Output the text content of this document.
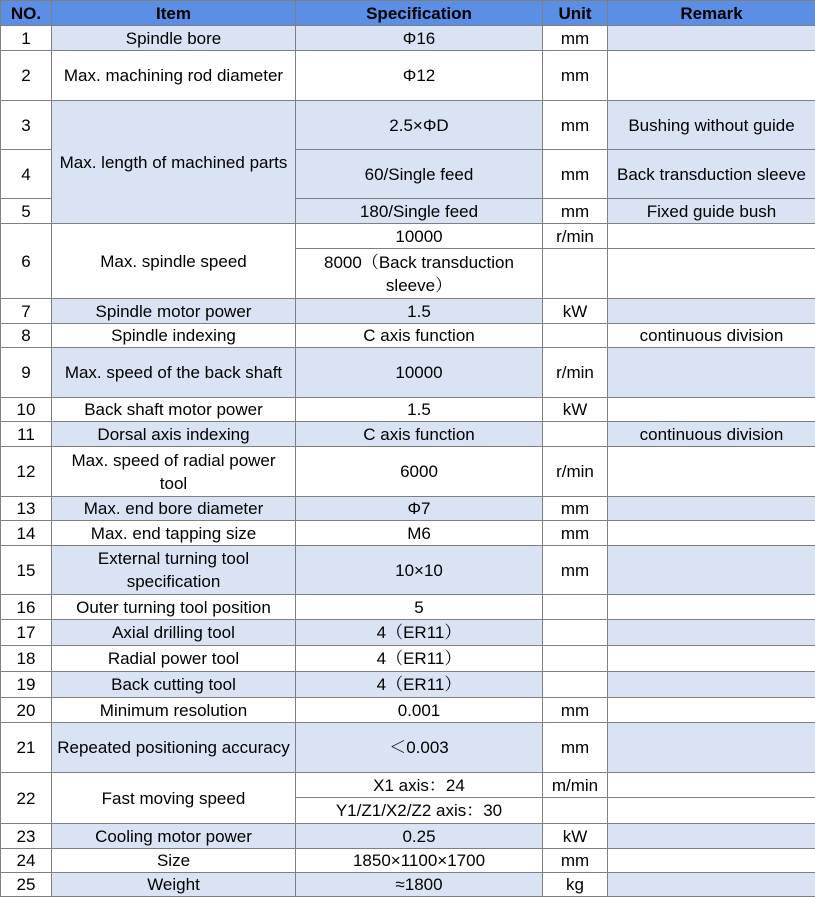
NO.	Item	Specification	Unit	Remark
1	Spindle bore	Φ16	mm	
2	Max. machining rod diameter	Φ12	mm	
3	Max. length of machined parts	2.5×ΦD	mm	Bushing without guide
4		60/Single feed	mm	Back transduction sleeve
5		180/Single feed	mm	Fixed guide bush
6	Max. spindle speed	10000	r/min	
		8000（Back transduction sleeve）		
7	Spindle motor power	1.5	kW	
8	Spindle indexing	C axis function		continuous division
9	Max. speed of the back shaft	10000	r/min	
10	Back shaft motor power	1.5	kW	
11	Dorsal axis indexing	C axis function		continuous division
12	Max. speed of radial power tool	6000	r/min	
13	Max. end bore diameter	Φ7	mm	
14	Max. end tapping size	M6	mm	
15	External turning tool specification	10×10	mm	
16	Outer turning tool position	5		
17	Axial drilling tool	4（ER11）		
18	Radial power tool	4（ER11）		
19	Back cutting tool	4（ER11）		
20	Minimum resolution	0.001	mm	
21	Repeated positioning accuracy	＜0.003	mm	
22	Fast moving speed	X1 axis：24	m/min	
		Y1/Z1/X2/Z2 axis：30		
23	Cooling motor power	0.25	kW	
24	Size	1850×1100×1700	mm	
25	Weight	≈1800	kg	
